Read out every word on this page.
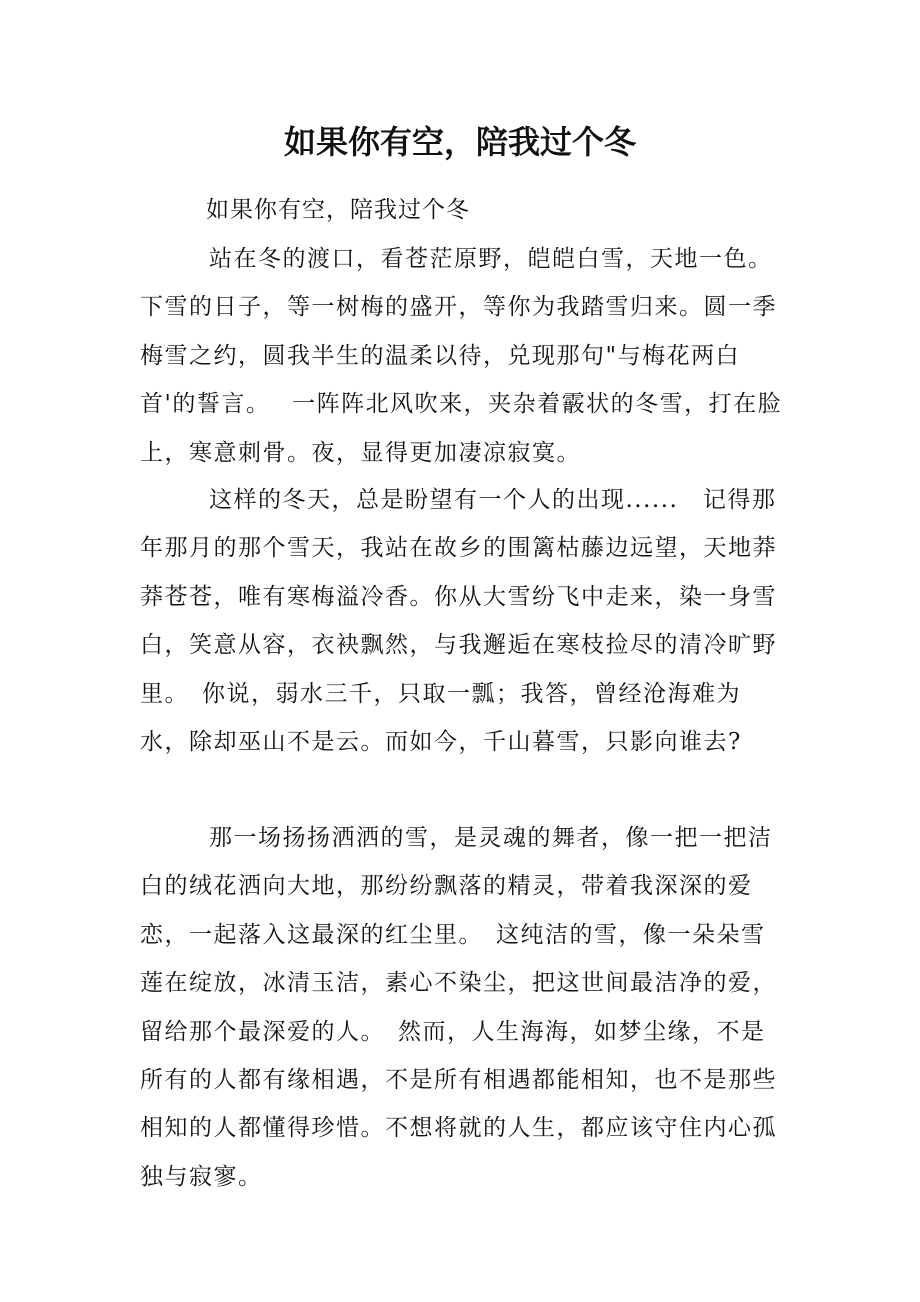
如果你有空，陪我过个冬
如果你有空，陪我过个冬

站在冬的渡口，看苍茫原野，皑皑白雪，天地一色。 下雪的日子，等一树梅的盛开，等你为我踏雪归来。圆一季梅雪之约，圆我半生的温柔以待，兑现那句"与梅花两白首'的誓言。　 一阵阵北风吹来，夹杂着霰状的冬雪，打在脸上，寒意刺骨。夜，显得更加凄凉寂寞。

这样的冬天，总是盼望有一个人的出现......　记得那年那月的那个雪天，我站在故乡的围篱枯藤边远望，天地莽莽苍苍，唯有寒梅溢冷香。你从大雪纷飞中走来，染一身雪白，笑意从容，衣袂飘然，与我邂逅在寒枝捡尽的清冷旷野里。　你说，弱水三千，只取一瓢；我答，曾经沧海难为水，除却巫山不是云。而如今，千山暮雪，只影向谁去?

那一场扬扬洒洒的雪，是灵魂的舞者，像一把一把洁白的绒花洒向大地，那纷纷飘落的精灵，带着我深深的爱恋，一起落入这最深的红尘里。　这纯洁的雪，像一朵朵雪莲在绽放，冰清玉洁，素心不染尘，把这世间最洁净的爱，留给那个最深爱的人。　然而，人生海海，如梦尘缘，不是所有的人都有缘相遇，不是所有相遇都能相知，也不是那些相知的人都懂得珍惜。不想将就的人生，都应该守住内心孤独与寂寥。
